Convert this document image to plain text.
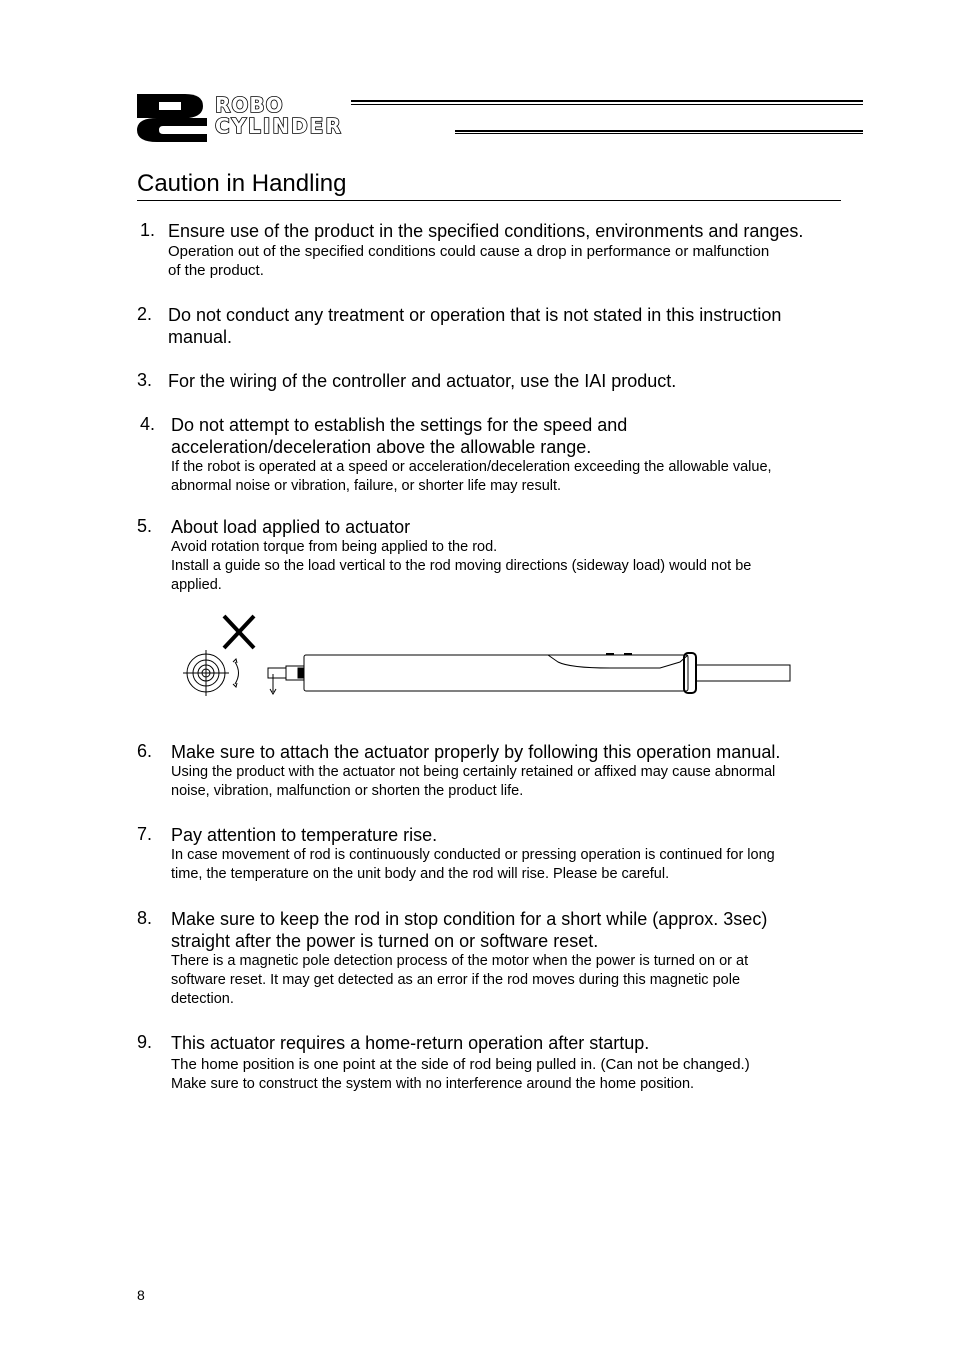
ROBO
CYLINDER
Caution in Handling
1. Ensure use of the product in the specified conditions, environments and ranges.
Operation out of the specified conditions could cause a drop in performance or malfunction
of the product.
2. Do not conduct any treatment or operation that is not stated in this instruction
manual.
3. For the wiring of the controller and actuator, use the IAI product.
4. Do not attempt to establish the settings for the speed and
acceleration/deceleration above the allowable range.
If the robot is operated at a speed or acceleration/deceleration exceeding the allowable value,
abnormal noise or vibration, failure, or shorter life may result.
5. About load applied to actuator
Avoid rotation torque from being applied to the rod.
Install a guide so the load vertical to the rod moving directions (sideway load) would not be
applied.
6. Make sure to attach the actuator properly by following this operation manual.
Using the product with the actuator not being certainly retained or affixed may cause abnormal
noise, vibration, malfunction or shorten the product life.
7. Pay attention to temperature rise.
In case movement of rod is continuously conducted or pressing operation is continued for long
time, the temperature on the unit body and the rod will rise. Please be careful.
8. Make sure to keep the rod in stop condition for a short while (approx. 3sec)
straight after the power is turned on or software reset.
There is a magnetic pole detection process of the motor when the power is turned on or at
software reset. It may get detected as an error if the rod moves during this magnetic pole
detection.
9. This actuator requires a home-return operation after startup.
The home position is one point at the side of rod being pulled in. (Can not be changed.)
Make sure to construct the system with no interference around the home position.
8
